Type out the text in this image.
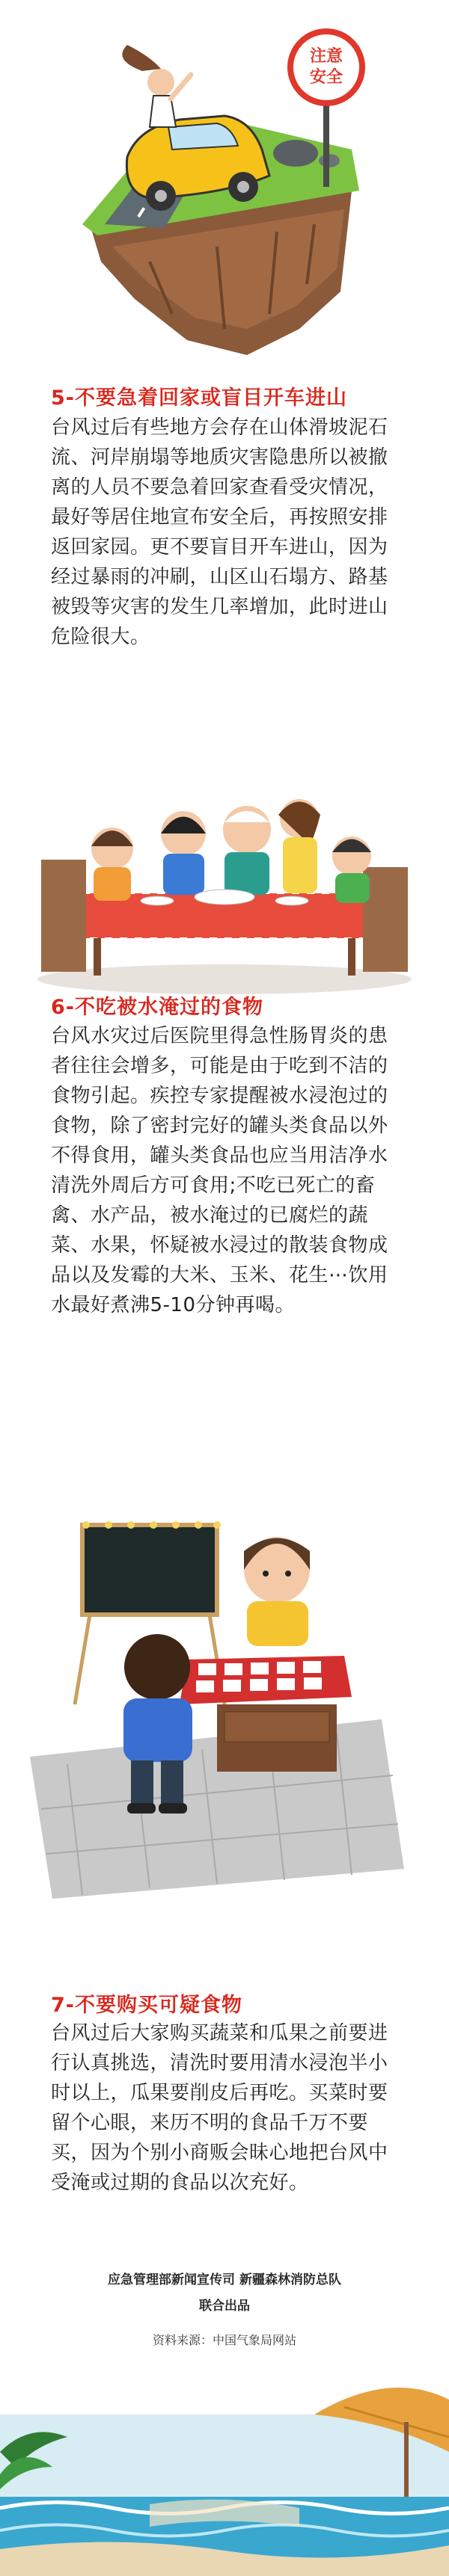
注意
安全
5-不要急着回家或盲目开车进山

台风过后有些地方会存在山体滑坡泥石流、河岸崩塌等地质灾害隐患所以被撤离的人员不要急着回家查看受灾情况，最好等居住地宣布安全后，再按照安排返回家园。更不要盲目开车进山，因为经过暴雨的冲刷，山区山石塌方、路基被毁等灾害的发生几率增加，此时进山危险很大。

6-不吃被水淹过的食物

台风水灾过后医院里得急性肠胃炎的患者往往会增多，可能是由于吃到不洁的食物引起。疾控专家提醒被水浸泡过的食物，除了密封完好的罐头类食品以外不得食用，罐头类食品也应当用洁净水清洗外周后方可食用;不吃已死亡的畜禽、水产品，被水淹过的已腐烂的蔬菜、水果，怀疑被水浸过的散装食物成品以及发霉的大米、玉米、花生⋯饮用水最好煮沸5-10分钟再喝。

7-不要购买可疑食物

台风过后大家购买蔬菜和瓜果之前要进行认真挑选，清洗时要用清水浸泡半小时以上，瓜果要削皮后再吃。买菜时要留个心眼，来历不明的食品千万不要买，因为个别小商贩会昧心地把台风中受淹或过期的食品以次充好。

应急管理部新闻宣传司 新疆森林消防总队
联合出品
资料来源：中国气象局网站
